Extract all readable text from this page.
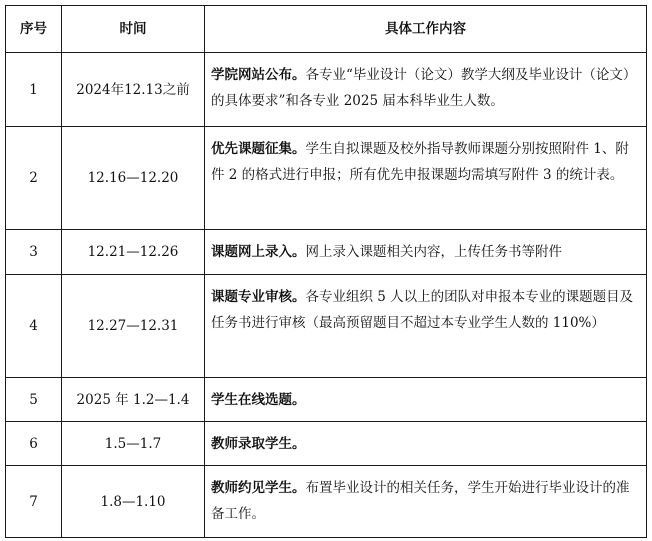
序号	时间	具体工作内容
1	2024年12.13之前	学院网站公布。各专业“毕业设计（论文）教学大纲及毕业设计（论文）的具体要求”和各专业 2025 届本科毕业生人数。
2	12.16—12.20	优先课题征集。学生自拟课题及校外指导教师课题分别按照附件 1、附件 2 的格式进行申报；所有优先申报课题均需填写附件 3 的统计表。
3	12.21—12.26	课题网上录入。网上录入课题相关内容，上传任务书等附件
4	12.27—12.31	课题专业审核。各专业组织 5 人以上的团队对申报本专业的课题题目及任务书进行审核（最高预留题目不超过本专业学生人数的 110%）
5	2025 年 1.2—1.4	学生在线选题。
6	1.5—1.7	教师录取学生。
7	1.8—1.10	教师约见学生。布置毕业设计的相关任务，学生开始进行毕业设计的准备工作。
